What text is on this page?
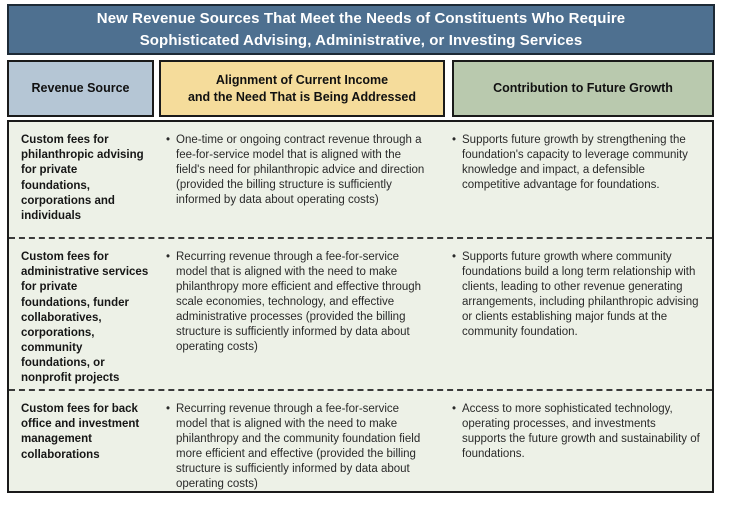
New Revenue Sources That Meet the Needs of Constituents Who Require
Sophisticated Advising, Administrative, or Investing Services
Revenue Source
Alignment of Current Income
and the Need That is Being Addressed
Contribution to Future Growth
Custom fees for philanthropic advising for private foundations, corporations and individuals
• One-time or ongoing contract revenue through a fee-for-service model that is aligned with the field's need for philanthropic advice and direction (provided the billing structure is sufficiently informed by data about operating costs)
• Supports future growth by strengthening the foundation's capacity to leverage community knowledge and impact, a defensible competitive advantage for foundations.
Custom fees for administrative services for private foundations, funder collaboratives, corporations, community foundations, or nonprofit projects
• Recurring revenue through a fee-for-service model that is aligned with the need to make philanthropy more efficient and effective through scale economies, technology, and effective administrative processes (provided the billing structure is sufficiently informed by data about operating costs)
• Supports future growth where community foundations build a long term relationship with clients, leading to other revenue generating arrangements, including philanthropic advising or clients establishing major funds at the community foundation.
Custom fees for back office and investment management collaborations
• Recurring revenue through a fee-for-service model that is aligned with the need to make philanthropy and the community foundation field more efficient and effective (provided the billing structure is sufficiently informed by data about operating costs)
• Access to more sophisticated technology, operating processes, and investments supports the future growth and sustainability of foundations.
